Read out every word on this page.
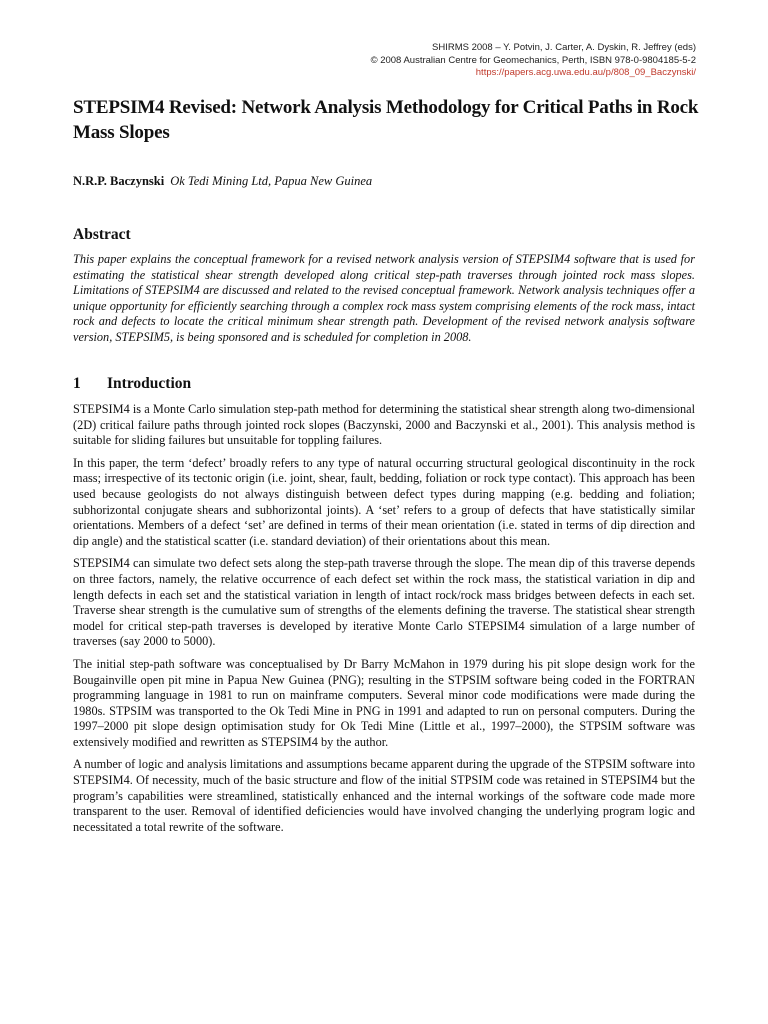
SHIRMS 2008 – Y. Potvin, J. Carter, A. Dyskin, R. Jeffrey (eds)
© 2008 Australian Centre for Geomechanics, Perth, ISBN 978-0-9804185-5-2
https://papers.acg.uwa.edu.au/p/808_09_Baczynski/
STEPSIM4 Revised: Network Analysis Methodology for Critical Paths in Rock Mass Slopes
N.R.P. Baczynski Ok Tedi Mining Ltd, Papua New Guinea
Abstract

This paper explains the conceptual framework for a revised network analysis version of STEPSIM4 software that is used for estimating the statistical shear strength developed along critical step-path traverses through jointed rock mass slopes. Limitations of STEPSIM4 are discussed and related to the revised conceptual framework. Network analysis techniques offer a unique opportunity for efficiently searching through a complex rock mass system comprising elements of the rock mass, intact rock and defects to locate the critical minimum shear strength path. Development of the revised network analysis software version, STEPSIM5, is being sponsored and is scheduled for completion in 2008.

1 Introduction

STEPSIM4 is a Monte Carlo simulation step-path method for determining the statistical shear strength along two-dimensional (2D) critical failure paths through jointed rock slopes (Baczynski, 2000 and Baczynski et al., 2001). This analysis method is suitable for sliding failures but unsuitable for toppling failures.

In this paper, the term ‘defect’ broadly refers to any type of natural occurring structural geological discontinuity in the rock mass; irrespective of its tectonic origin (i.e. joint, shear, fault, bedding, foliation or rock type contact). This approach has been used because geologists do not always distinguish between defect types during mapping (e.g. bedding and foliation; subhorizontal conjugate shears and subhorizontal joints). A ‘set’ refers to a group of defects that have statistically similar orientations. Members of a defect ‘set’ are defined in terms of their mean orientation (i.e. stated in terms of dip direction and dip angle) and the statistical scatter (i.e. standard deviation) of their orientations about this mean.

STEPSIM4 can simulate two defect sets along the step-path traverse through the slope. The mean dip of this traverse depends on three factors, namely, the relative occurrence of each defect set within the rock mass, the statistical variation in dip and length defects in each set and the statistical variation in length of intact rock/rock mass bridges between defects in each set. Traverse shear strength is the cumulative sum of strengths of the elements defining the traverse. The statistical shear strength model for critical step-path traverses is developed by iterative Monte Carlo STEPSIM4 simulation of a large number of traverses (say 2000 to 5000).

The initial step-path software was conceptualised by Dr Barry McMahon in 1979 during his pit slope design work for the Bougainville open pit mine in Papua New Guinea (PNG); resulting in the STPSIM software being coded in the FORTRAN programming language in 1981 to run on mainframe computers. Several minor code modifications were made during the 1980s. STPSIM was transported to the Ok Tedi Mine in PNG in 1991 and adapted to run on personal computers. During the 1997–2000 pit slope design optimisation study for Ok Tedi Mine (Little et al., 1997–2000), the STPSIM software was extensively modified and rewritten as STEPSIM4 by the author.

A number of logic and analysis limitations and assumptions became apparent during the upgrade of the STPSIM software into STEPSIM4. Of necessity, much of the basic structure and flow of the initial STPSIM code was retained in STEPSIM4 but the program’s capabilities were streamlined, statistically enhanced and the internal workings of the software code made more transparent to the user. Removal of identified deficiencies would have involved changing the underlying program logic and necessitated a total rewrite of the software.
